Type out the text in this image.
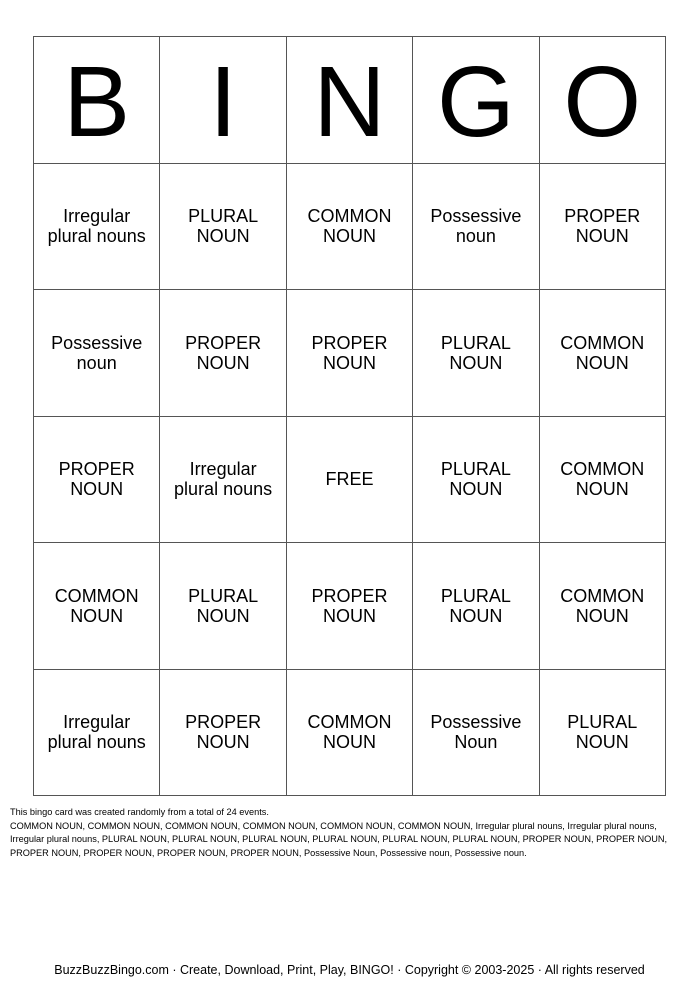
B I N G O
Irregular
plural nouns
PLURAL
NOUN
COMMON
NOUN
Possessive
noun
PROPER
NOUN
Possessive
noun
PROPER
NOUN
PROPER
NOUN
PLURAL
NOUN
COMMON
NOUN
PROPER
NOUN
Irregular
plural nouns	FREE	PLURAL
NOUN
COMMON
NOUN
COMMON
NOUN
PLURAL
NOUN
PROPER
NOUN
PLURAL
NOUN
COMMON
NOUN
Irregular
plural nouns
PROPER
NOUN
COMMON
NOUN
Possessive
Noun
PLURAL
NOUN

This bingo card was created randomly from a total of 24 events.

COMMON NOUN, COMMON NOUN, COMMON NOUN, COMMON NOUN, COMMON NOUN, COMMON NOUN, Irregular plural nouns, Irregular plural nouns, Irregular plural nouns, PLURAL NOUN, PLURAL NOUN, PLURAL NOUN, PLURAL NOUN, PLURAL NOUN, PLURAL NOUN, PROPER NOUN, PROPER NOUN, PROPER NOUN, PROPER NOUN, PROPER NOUN, PROPER NOUN, Possessive Noun, Possessive noun, Possessive noun.

BuzzBuzzBingo.com · Create, Download, Print, Play, BINGO! · Copyright © 2003-2025 · All rights reserved
